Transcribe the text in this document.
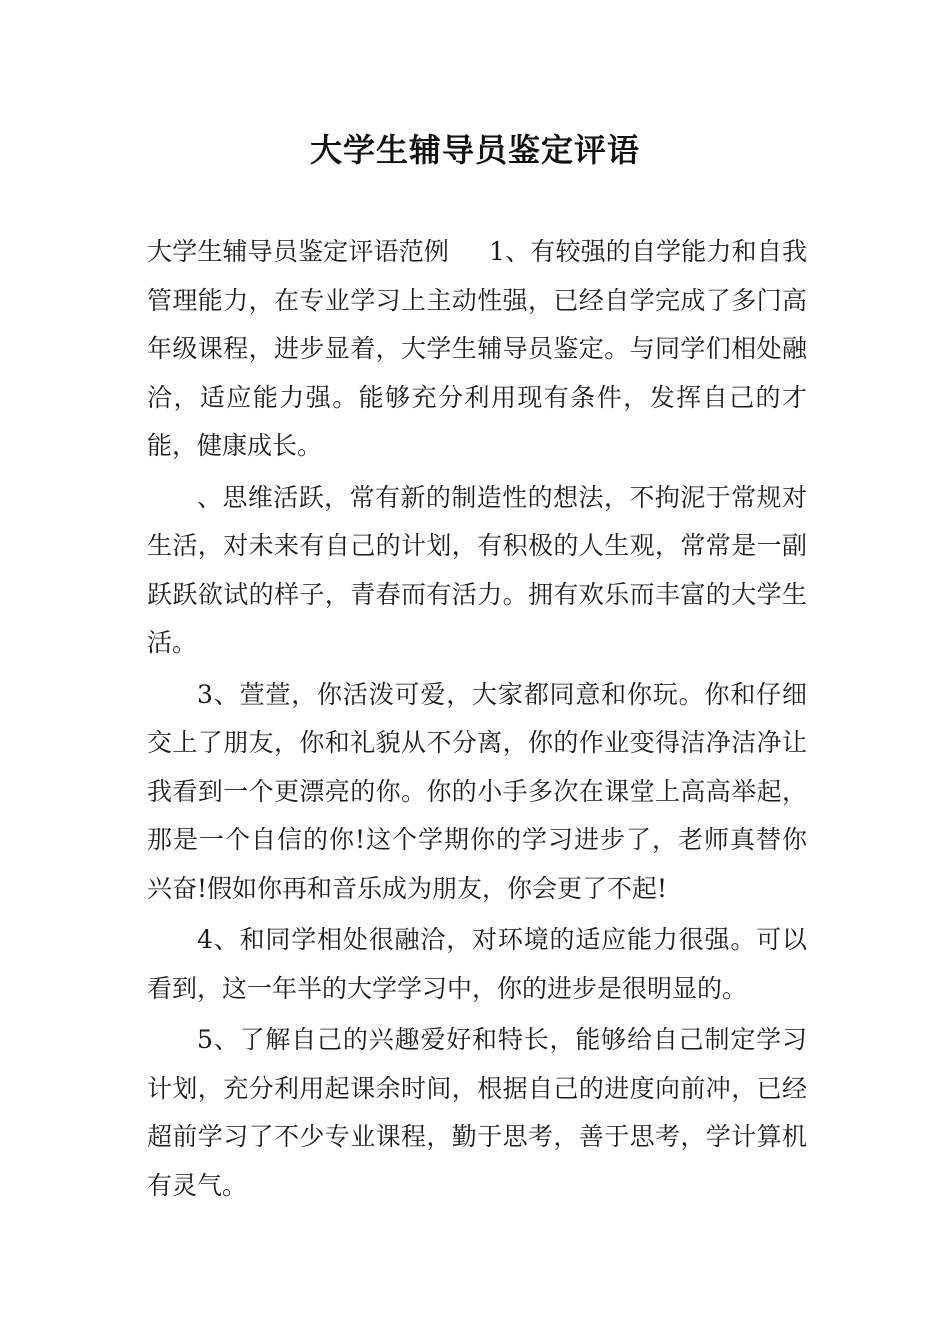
大学生辅导员鉴定评语

大学生辅导员鉴定评语范例 1、有较强的自学能力和自我管理能力，在专业学习上主动性强，已经自学完成了多门高年级课程，进步显着，大学生辅导员鉴定。与同学们相处融洽，适应能力强。能够充分利用现有条件，发挥自己的才能，健康成长。

、思维活跃，常有新的制造性的想法，不拘泥于常规对生活，对未来有自己的计划，有积极的人生观，常常是一副跃跃欲试的样子，青春而有活力。拥有欢乐而丰富的大学生活。

3、萱萱，你活泼可爱，大家都同意和你玩。你和仔细交上了朋友，你和礼貌从不分离，你的作业变得洁净洁净让我看到一个更漂亮的你。你的小手多次在课堂上高高举起，那是一个自信的你!这个学期你的学习进步了，老师真替你兴奋!假如你再和音乐成为朋友，你会更了不起!

4、和同学相处很融洽，对环境的适应能力很强。可以看到，这一年半的大学学习中，你的进步是很明显的。

5、了解自己的兴趣爱好和特长，能够给自己制定学习计划，充分利用起课余时间，根据自己的进度向前冲，已经超前学习了不少专业课程，勤于思考，善于思考，学计算机有灵气。
